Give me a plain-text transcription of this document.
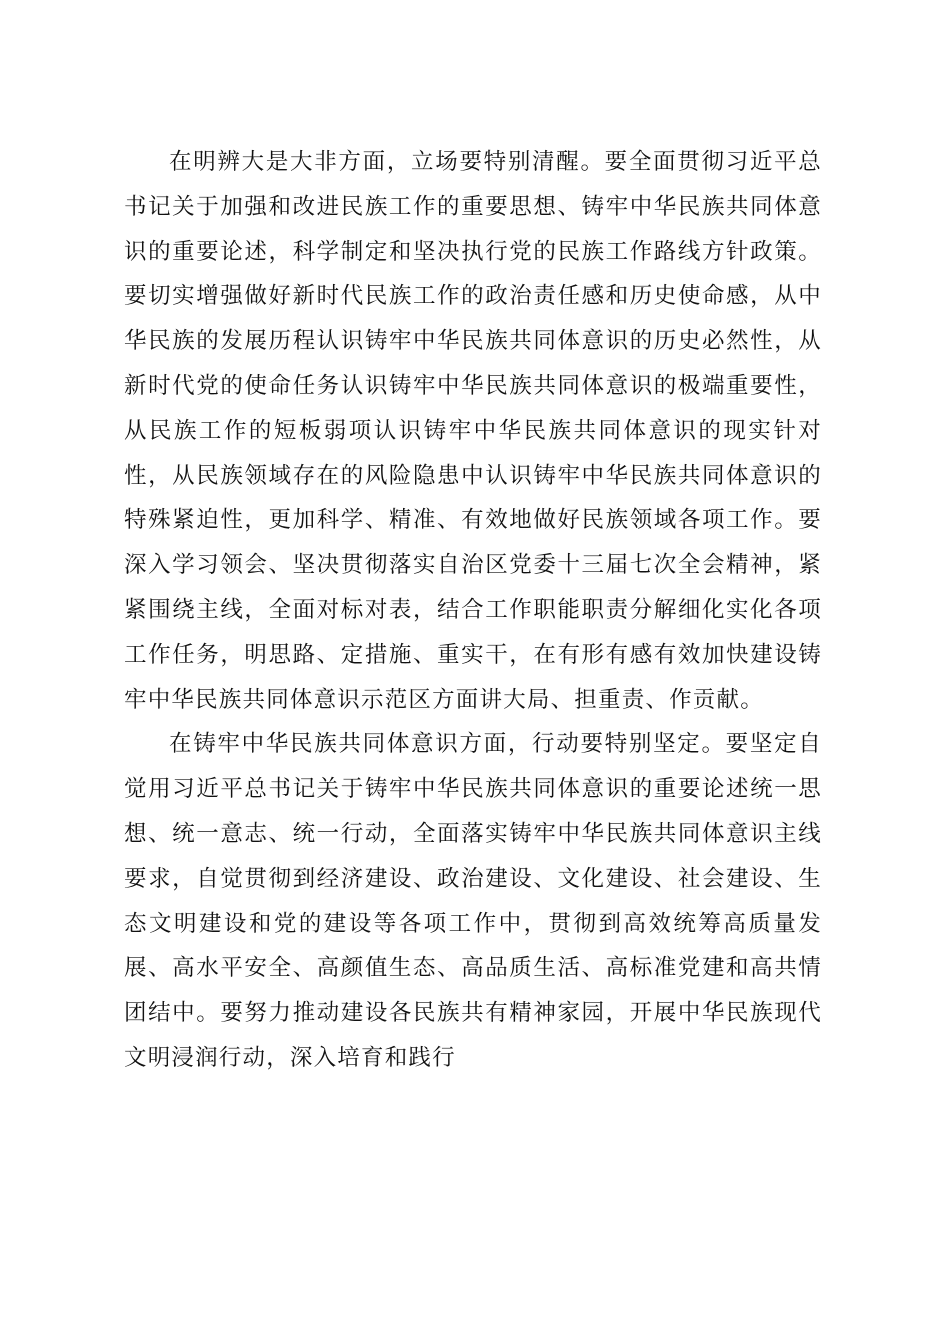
在明辨大是大非方面，立场要特别清醒。要全面贯彻习近平总书记关于加强和改进民族工作的重要思想、铸牢中华民族共同体意识的重要论述，科学制定和坚决执行党的民族工作路线方针政策。要切实增强做好新时代民族工作的政治责任感和历史使命感，从中华民族的发展历程认识铸牢中华民族共同体意识的历史必然性，从新时代党的使命任务认识铸牢中华民族共同体意识的极端重要性，从民族工作的短板弱项认识铸牢中华民族共同体意识的现实针对性，从民族领域存在的风险隐患中认识铸牢中华民族共同体意识的特殊紧迫性，更加科学、精准、有效地做好民族领域各项工作。要深入学习领会、坚决贯彻落实自治区党委十三届七次全会精神，紧紧围绕主线，全面对标对表，结合工作职能职责分解细化实化各项工作任务，明思路、定措施、重实干，在有形有感有效加快建设铸牢中华民族共同体意识示范区方面讲大局、担重责、作贡献。

在铸牢中华民族共同体意识方面，行动要特别坚定。要坚定自觉用习近平总书记关于铸牢中华民族共同体意识的重要论述统一思想、统一意志、统一行动，全面落实铸牢中华民族共同体意识主线要求，自觉贯彻到经济建设、政治建设、文化建设、社会建设、生态文明建设和党的建设等各项工作中，贯彻到高效统筹高质量发展、高水平安全、高颜值生态、高品质生活、高标准党建和高共情团结中。要努力推动建设各民族共有精神家园，开展中华民族现代文明浸润行动，深入培育和践行
